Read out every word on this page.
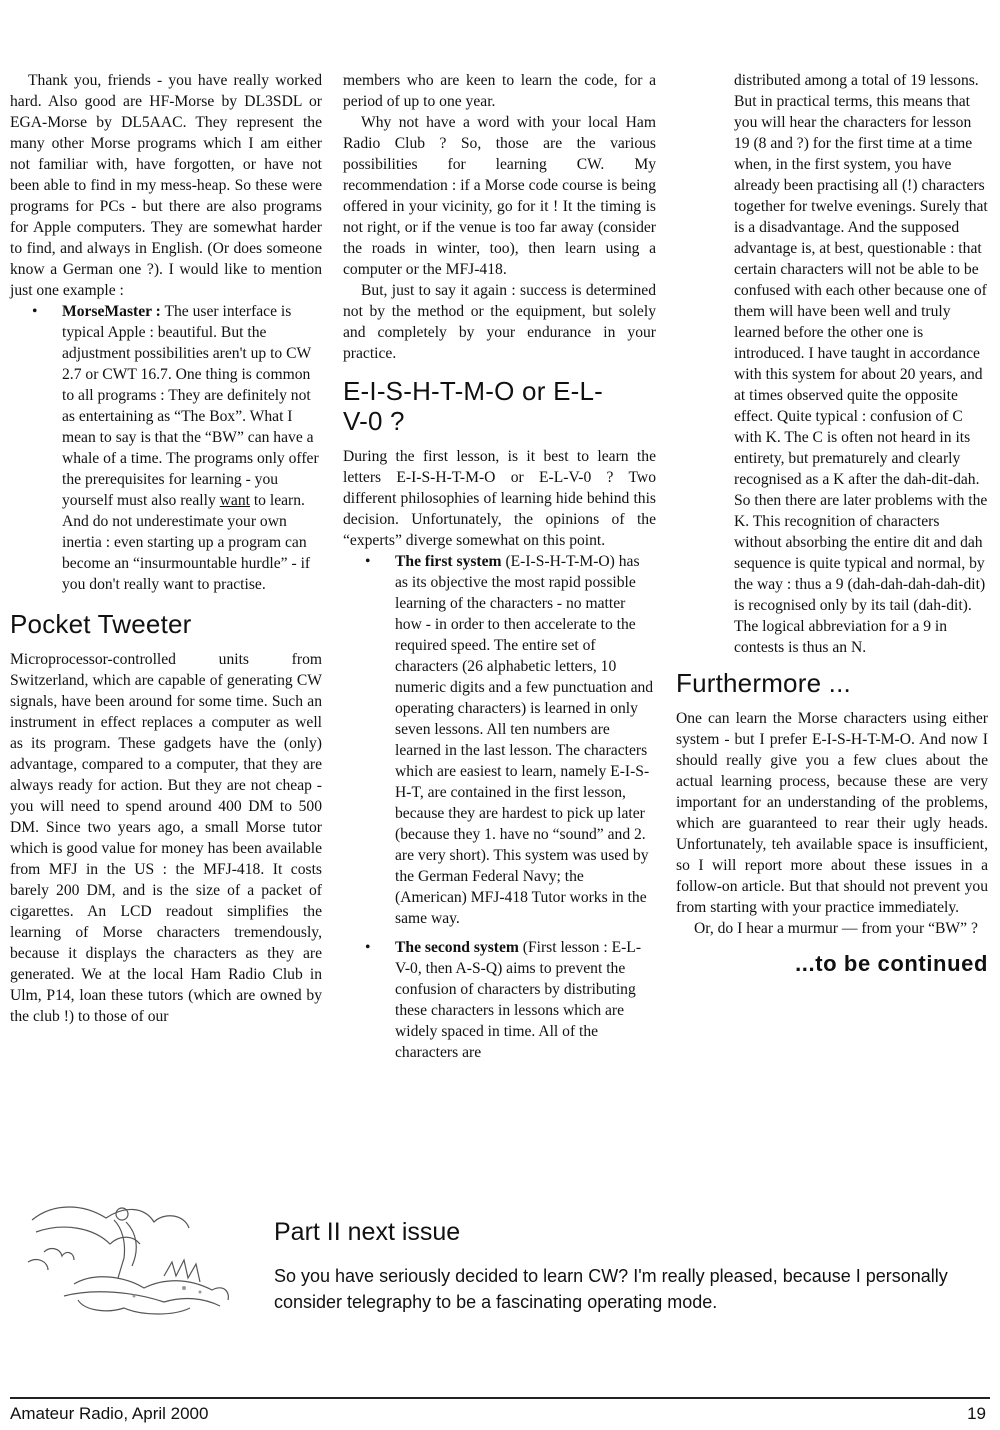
Thank you, friends - you have really worked hard. Also good are HF-Morse by DL3SDL or EGA-Morse by DL5AAC. They represent the many other Morse programs which I am either not familiar with, have forgotten, or have not been able to find in my mess-heap. So these were programs for PCs - but there are also programs for Apple computers. They are somewhat harder to find, and always in English. (Or does someone know a German one ?). I would like to mention just one example :

• MorseMaster : The user interface is typical Apple : beautiful. But the adjustment possibilities aren't up to CW 2.7 or CWT 16.7. One thing is common to all programs : They are definitely not as entertaining as “The Box”. What I mean to say is that the “BW” can have a whale of a time. The programs only offer the prerequisites for learning - you yourself must also really want to learn. And do not underestimate your own inertia : even starting up a program can become an “insurmountable hurdle” - if you don't really want to practise.
Pocket Tweeter

Microprocessor-controlled units from Switzerland, which are capable of generating CW signals, have been around for some time. Such an instrument in effect replaces a computer as well as its program. These gadgets have the (only) advantage, compared to a computer, that they are always ready for action. But they are not cheap - you will need to spend around 400 DM to 500 DM. Since two years ago, a small Morse tutor which is good value for money has been available from MFJ in the US : the MFJ-418. It costs barely 200 DM, and is the size of a packet of cigarettes. An LCD readout simplifies the learning of Morse characters tremendously, because it displays the characters as they are generated. We at the local Ham Radio Club in Ulm, P14, loan these tutors (which are owned by the club !) to those of our

members who are keen to learn the code, for a period of up to one year.

Why not have a word with your local Ham Radio Club ? So, those are the various possibilities for learning CW. My recommendation : if a Morse code course is being offered in your vicinity, go for it ! It the timing is not right, or if the venue is too far away (consider the roads in winter, too), then learn using a computer or the MFJ-418.

But, just to say it again : success is determined not by the method or the equipment, but solely and completely by your endurance in your practice.

E-I-S-H-T-M-O or E-L-V-0 ?

During the first lesson, is it best to learn the letters E-I-S-H-T-M-O or E-L-V-0 ? Two different philosophies of learning hide behind this decision. Unfortunately, the opinions of the “experts” diverge somewhat on this point.

• The first system (E-I-S-H-T-M-O) has as its objective the most rapid possible learning of the characters - no matter how - in order to then accelerate to the required speed. The entire set of characters (26 alphabetic letters, 10 numeric digits and a few punctuation and operating characters) is learned in only seven lessons. All ten numbers are learned in the last lesson. The characters which are easiest to learn, namely E-I-S-H-T, are contained in the first lesson, because they are hardest to pick up later (because they 1. have no “sound” and 2. are very short). This system was used by the German Federal Navy; the (American) MFJ-418 Tutor works in the same way.
• The second system (First lesson : E-L-V-0, then A-S-Q) aims to prevent the confusion of characters by distributing these characters in lessons which are widely spaced in time. All of the characters are

distributed among a total of 19 lessons. But in practical terms, this means that you will hear the characters for lesson 19 (8 and ?) for the first time at a time when, in the first system, you have already been practising all (!) characters together for twelve evenings. Surely that is a disadvantage. And the supposed advantage is, at best, questionable : that certain characters will not be able to be confused with each other because one of them will have been well and truly learned before the other one is introduced. I have taught in accordance with this system for about 20 years, and at times observed quite the opposite effect. Quite typical : confusion of C with K. The C is often not heard in its entirety, but prematurely and clearly recognised as a K after the dah-dit-dah. So then there are later problems with the K. This recognition of characters without absorbing the entire dit and dah sequence is quite typical and normal, by the way : thus a 9 (dah-dah-dah-dah-dit) is recognised only by its tail (dah-dit). The logical abbreviation for a 9 in contests is thus an N.

Furthermore ...

One can learn the Morse characters using either system - but I prefer E-I-S-H-T-M-O. And now I should really give you a few clues about the actual learning process, because these are very important for an understanding of the problems, which are guaranteed to rear their ugly heads. Unfortunately, teh available space is insufficient, so I will report more about these issues in a follow-on article. But that should not prevent you from starting with your practice immediately.

Or, do I hear a murmur — from your “BW” ?

...to be continued
Part II next issue
So you have seriously decided to learn CW? I'm really pleased, because I personally consider telegraphy to be a fascinating operating mode.
Amateur Radio, April 2000	19
